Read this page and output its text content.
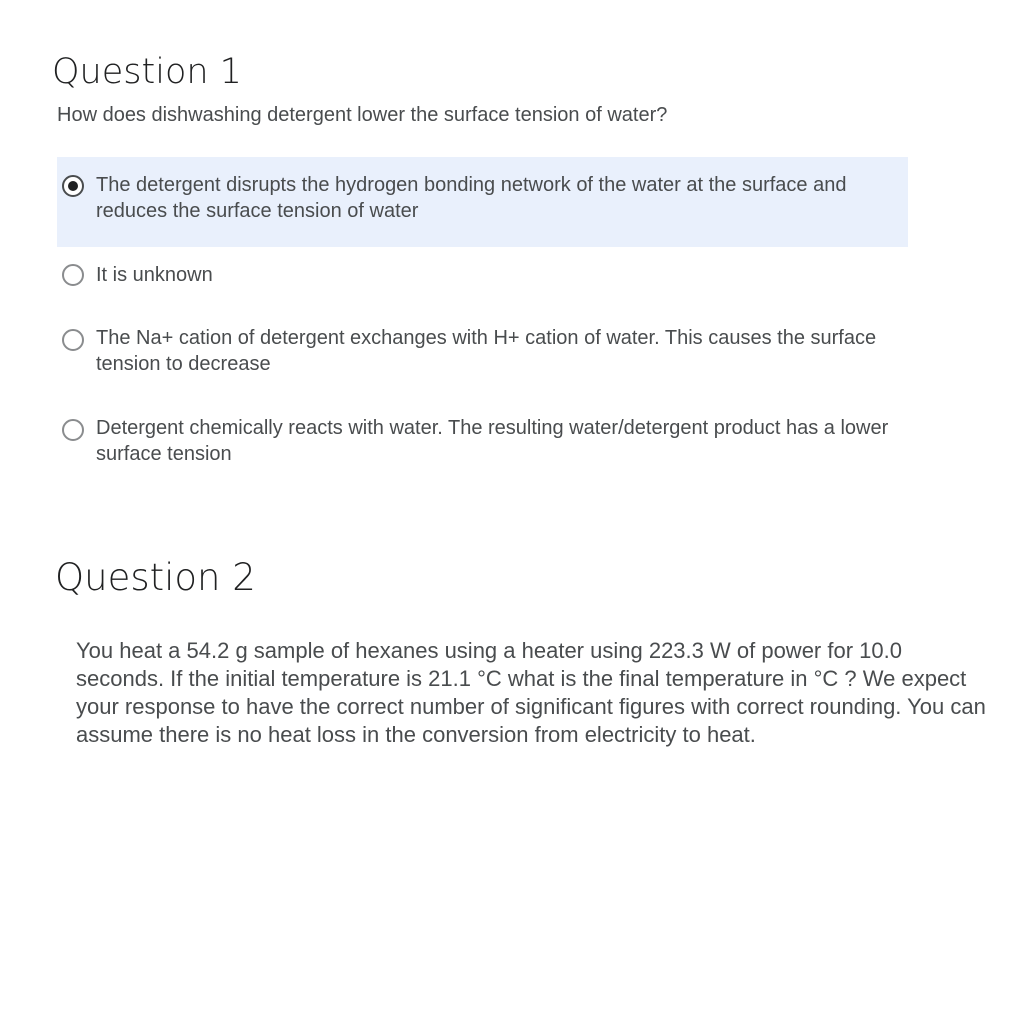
Question 1

How does dishwashing detergent lower the surface tension of water?

The detergent disrupts the hydrogen bonding network of the water at the surface and reduces the surface tension of water
It is unknown
The Na+ cation of detergent exchanges with H+ cation of water. This causes the surface tension to decrease
Detergent chemically reacts with water. The resulting water/detergent product has a lower surface tension
Question 2

You heat a 54.2 g sample of hexanes using a heater using 223.3 W of power for 10.0 seconds. If the initial temperature is 21.1 °C what is the final temperature in °C ? We expect your response to have the correct number of significant figures with correct rounding. You can assume there is no heat loss in the conversion from electricity to heat.
